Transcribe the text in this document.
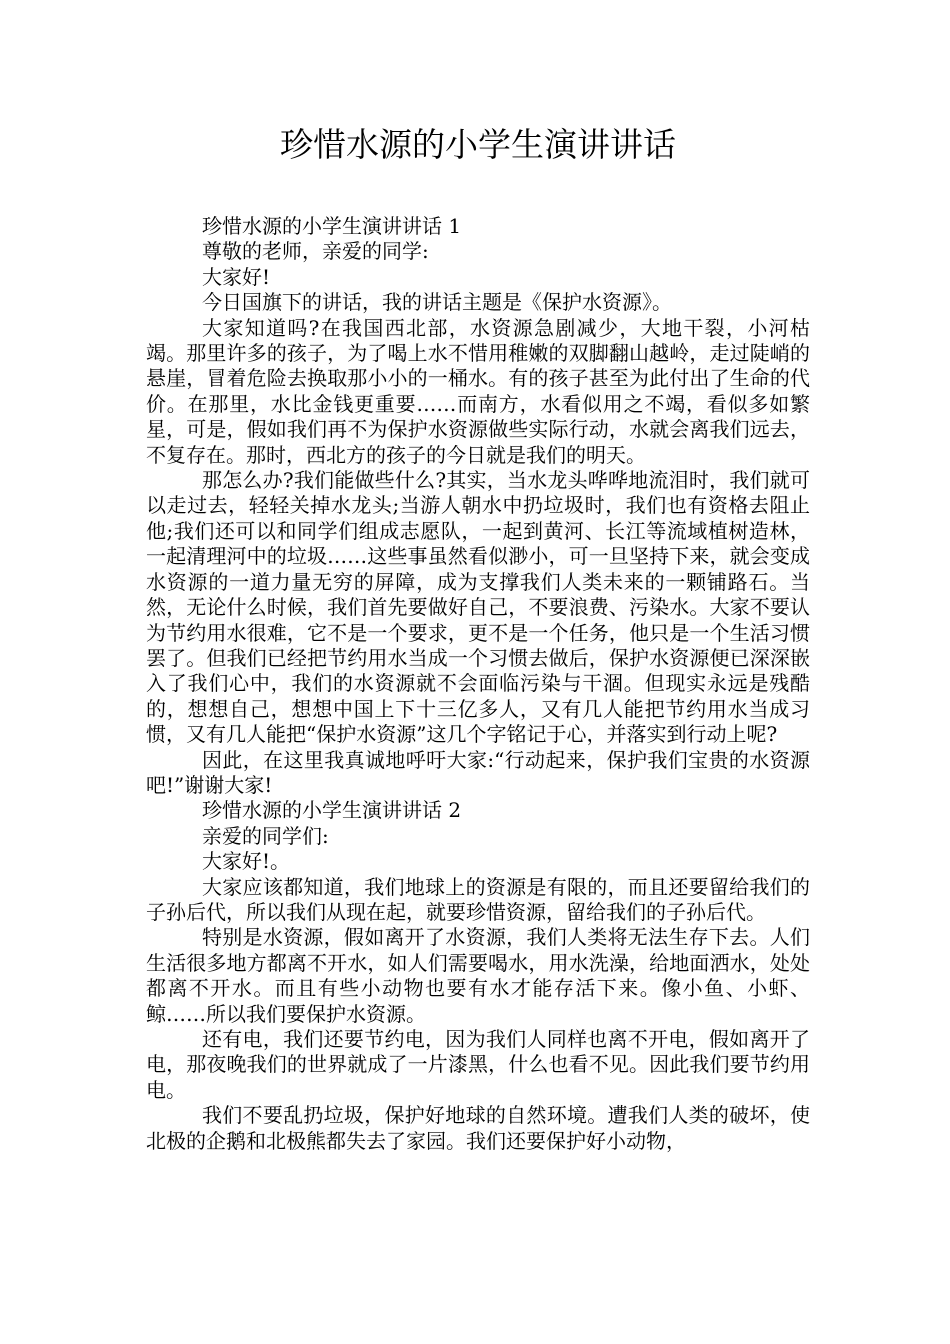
珍惜水源的小学生演讲讲话

珍惜水源的小学生演讲讲话 1

尊敬的老师，亲爱的同学:

大家好!

今日国旗下的讲话，我的讲话主题是《保护水资源》。

大家知道吗?在我国西北部，水资源急剧减少，大地干裂，小河枯竭。那里许多的孩子，为了喝上水不惜用稚嫩的双脚翻山越岭，走过陡峭的悬崖，冒着危险去换取那小小的一桶水。有的孩子甚至为此付出了生命的代价。在那里，水比金钱更重要……而南方，水看似用之不竭，看似多如繁星，可是，假如我们再不为保护水资源做些实际行动，水就会离我们远去，不复存在。那时，西北方的孩子的今日就是我们的明天。

那怎么办?我们能做些什么?其实，当水龙头哗哗地流泪时，我们就可以走过去，轻轻关掉水龙头;当游人朝水中扔垃圾时，我们也有资格去阻止他;我们还可以和同学们组成志愿队，一起到黄河、长江等流域植树造林，一起清理河中的垃圾……这些事虽然看似渺小，可一旦坚持下来，就会变成水资源的一道力量无穷的屏障，成为支撑我们人类未来的一颗铺路石。当然，无论什么时候，我们首先要做好自己，不要浪费、污染水。大家不要认为节约用水很难，它不是一个要求，更不是一个任务，他只是一个生活习惯罢了。但我们已经把节约用水当成一个习惯去做后，保护水资源便已深深嵌入了我们心中，我们的水资源就不会面临污染与干涸。但现实永远是残酷的，想想自己，想想中国上下十三亿多人，又有几人能把节约用水当成习惯，又有几人能把“保护水资源”这几个字铭记于心，并落实到行动上呢?

因此，在这里我真诚地呼吁大家:“行动起来，保护我们宝贵的水资源吧!”谢谢大家!

珍惜水源的小学生演讲讲话 2

亲爱的同学们:

大家好!。

大家应该都知道，我们地球上的资源是有限的，而且还要留给我们的子孙后代，所以我们从现在起，就要珍惜资源，留给我们的子孙后代。

特别是水资源，假如离开了水资源，我们人类将无法生存下去。人们生活很多地方都离不开水，如人们需要喝水，用水洗澡，给地面洒水，处处都离不开水。而且有些小动物也要有水才能存活下来。像小鱼、小虾、鲸……所以我们要保护水资源。

还有电，我们还要节约电，因为我们人同样也离不开电，假如离开了电，那夜晚我们的世界就成了一片漆黑，什么也看不见。因此我们要节约用电。

我们不要乱扔垃圾，保护好地球的自然环境。遭我们人类的破坏，使北极的企鹅和北极熊都失去了家园。我们还要保护好小动物，
